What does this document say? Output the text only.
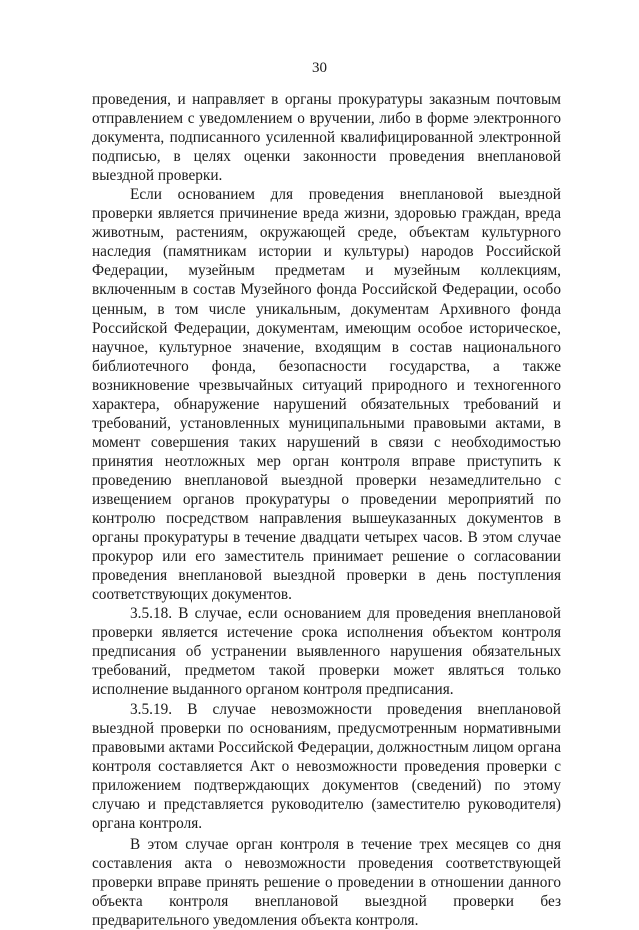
30

проведения, и направляет в органы прокуратуры заказным почтовым отправлением с уведомлением о вручении, либо в форме электронного документа, подписанного усиленной квалифицированной электронной подписью, в целях оценки законности проведения внеплановой выездной проверки.

Если основанием для проведения внеплановой выездной проверки является причинение вреда жизни, здоровью граждан, вреда животным, растениям, окружающей среде, объектам культурного наследия (памятникам истории и культуры) народов Российской Федерации, музейным предметам и музейным коллекциям, включенным в состав Музейного фонда Российской Федерации, особо ценным, в том числе уникальным, документам Архивного фонда Российской Федерации, документам, имеющим особое историческое, научное, культурное значение, входящим в состав национального библиотечного фонда, безопасности государства, а также возникновение чрезвычайных ситуаций природного и техногенного характера, обнаружение нарушений обязательных требований и требований, установленных муниципальными правовыми актами, в момент совершения таких нарушений в связи с необходимостью принятия неотложных мер орган контроля вправе приступить к проведению внеплановой выездной проверки незамедлительно с извещением органов прокуратуры о проведении мероприятий по контролю посредством направления вышеуказанных документов в органы прокуратуры в течение двадцати четырех часов. В этом случае прокурор или его заместитель принимает решение о согласовании проведения внеплановой выездной проверки в день поступления соответствующих документов.

3.5.18. В случае, если основанием для проведения внеплановой проверки является истечение срока исполнения объектом контроля предписания об устранении выявленного нарушения обязательных требований, предметом такой проверки может являться только исполнение выданного органом контроля предписания.

3.5.19. В случае невозможности проведения внеплановой выездной проверки по основаниям, предусмотренным нормативными правовыми актами Российской Федерации, должностным лицом органа контроля составляется Акт о невозможности проведения проверки с приложением подтверждающих документов (сведений) по этому случаю и представляется руководителю (заместителю руководителя) органа контроля.

В этом случае орган контроля в течение трех месяцев со дня составления акта о невозможности проведения соответствующей проверки вправе принять решение о проведении в отношении данного объекта контроля внеплановой выездной проверки без предварительного уведомления объекта контроля.
